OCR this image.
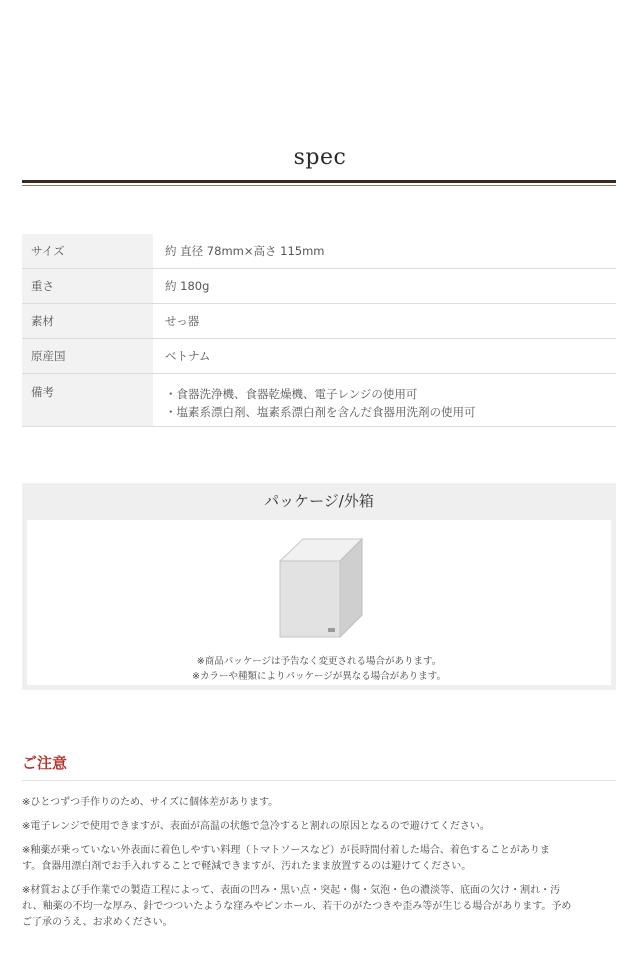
spec
サイズ	約 直径 78mm×高さ 115mm
重さ	約 180g
素材	せっ器
原産国	ベトナム
備考	・食器洗浄機、食器乾燥機、電子レンジの使用可
・塩素系漂白剤、塩素系漂白剤を含んだ食器用洗剤の使用可
パッケージ/外箱
※商品パッケージは予告なく変更される場合があります。
※カラーや種類によりパッケージが異なる場合があります。
ご注意

※ひとつずつ手作りのため、サイズに個体差があります。

※電子レンジで使用できますが、表面が高温の状態で急冷すると割れの原因となるので避けてください。

※釉薬が乗っていない外表面に着色しやすい料理（トマトソースなど）が長時間付着した場合、着色することがありま
す。食器用漂白剤でお手入れすることで軽減できますが、汚れたまま放置するのは避けてください。

※材質および手作業での製造工程によって、表面の凹み・黒い点・突起・傷・気泡・色の濃淡等、底面の欠け・割れ・汚
れ、釉薬の不均一な厚み、針でつついたような窪みやピンホール、若干のがたつきや歪み等が生じる場合があります。予め
ご了承のうえ、お求めください。
